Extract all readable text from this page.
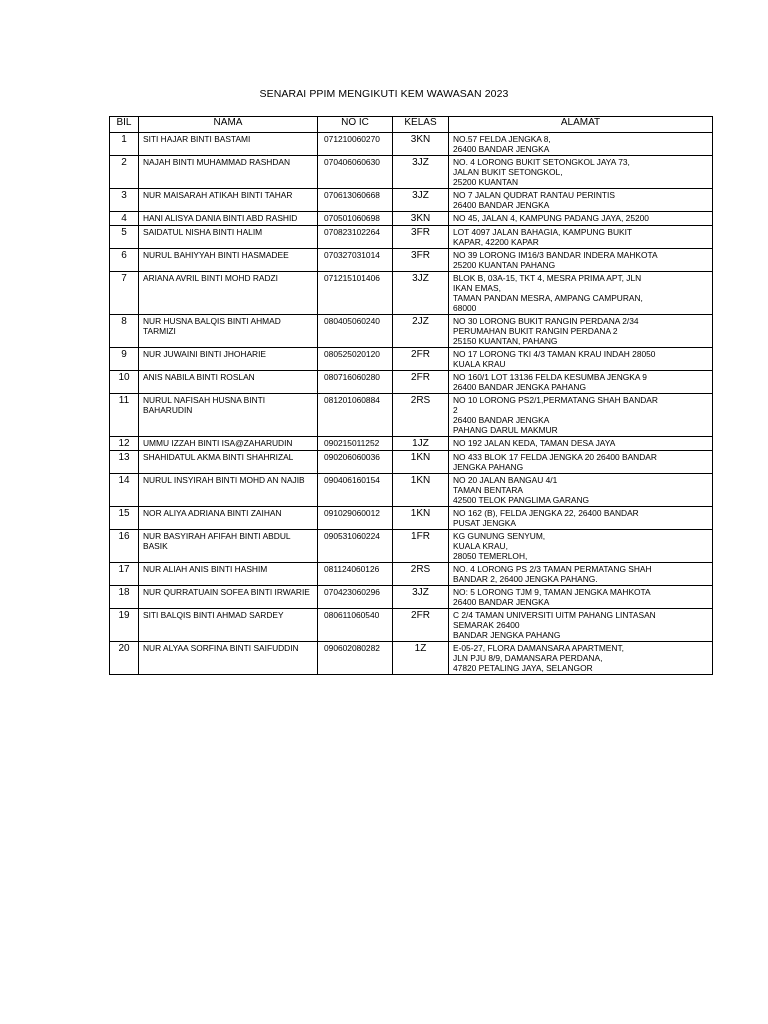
SENARAI PPIM MENGIKUTI KEM WAWASAN 2023
BIL	NAMA	NO IC	KELAS	ALAMAT
1	SITI HAJAR BINTI BASTAMI	071210060270	3KN	NO.57 FELDA JENGKA 8,
26400 BANDAR JENGKA

2	NAJAH BINTI MUHAMMAD RASHDAN	070406060630	3JZ	NO. 4 LORONG BUKIT SETONGKOL JAYA 73,
JALAN BUKIT SETONGKOL,
25200 KUANTAN

3	NUR MAISARAH ATIKAH BINTI TAHAR	070613060668	3JZ	NO 7 JALAN QUDRAT RANTAU PERINTIS
26400 BANDAR JENGKA

4	HANI ALISYA DANIA BINTI ABD RASHID	070501060698	3KN	NO 45, JALAN 4, KAMPUNG PADANG JAYA, 25200

5	SAIDATUL NISHA BINTI HALIM	070823102264	3FR	LOT 4097 JALAN BAHAGIA, KAMPUNG BUKIT
KAPAR, 42200 KAPAR

6	NURUL BAHIYYAH BINTI HASMADEE	070327031014	3FR	NO 39 LORONG IM16/3 BANDAR INDERA MAHKOTA
25200 KUANTAN PAHANG

7	ARIANA AVRIL BINTI MOHD RADZI	071215101406	3JZ	BLOK B, 03A-15, TKT 4, MESRA PRIMA APT, JLN
IKAN EMAS,
TAMAN PANDAN MESRA, AMPANG CAMPURAN,
68000

8	NUR HUSNA BALQIS BINTI AHMAD TARMIZI	080405060240	2JZ	NO 30 LORONG BUKIT RANGIN PERDANA 2/34
PERUMAHAN BUKIT RANGIN PERDANA 2
25150 KUANTAN, PAHANG

9	NUR JUWAINI BINTI JHOHARIE	080525020120	2FR	NO 17 LORONG TKI 4/3 TAMAN KRAU INDAH 28050
KUALA KRAU

10	ANIS NABILA BINTI ROSLAN	080716060280	2FR	NO 160/1 LOT 13136 FELDA KESUMBA JENGKA 9
26400 BANDAR JENGKA PAHANG

11	NURUL NAFISAH HUSNA BINTI BAHARUDIN	081201060884	2RS	NO 10 LORONG PS2/1,PERMATANG SHAH BANDAR
2
26400 BANDAR JENGKA
PAHANG DARUL MAKMUR

12	UMMU IZZAH BINTI ISA@ZAHARUDIN	090215011252	1JZ	NO 192 JALAN KEDA, TAMAN DESA JAYA

13	SHAHIDATUL AKMA BINTI SHAHRIZAL	090206060036	1KN	NO 433 BLOK 17 FELDA JENGKA 20 26400 BANDAR
JENGKA PAHANG

14	NURUL INSYIRAH BINTI MOHD AN NAJIB	090406160154	1KN	NO 20 JALAN BANGAU 4/1
TAMAN BENTARA
42500 TELOK PANGLIMA GARANG

15	NOR ALIYA ADRIANA BINTI ZAIHAN	091029060012	1KN	NO 162 (B), FELDA JENGKA 22, 26400 BANDAR
PUSAT JENGKA

16	NUR BASYIRAH AFIFAH BINTI ABDUL BASIK	090531060224	1FR	KG GUNUNG SENYUM,
KUALA KRAU,
28050 TEMERLOH,

17	NUR ALIAH ANIS BINTI HASHIM	081124060126	2RS	NO. 4 LORONG PS 2/3 TAMAN PERMATANG SHAH
BANDAR 2, 26400 JENGKA PAHANG.

18	NUR QURRATUAIN SOFEA BINTI IRWARIE	070423060296	3JZ	NO: 5 LORONG TJM 9, TAMAN JENGKA MAHKOTA
26400 BANDAR JENGKA

19	SITI BALQIS BINTI AHMAD SARDEY	080611060540	2FR	C 2/4 TAMAN UNIVERSITI UITM PAHANG LINTASAN
SEMARAK 26400
BANDAR JENGKA PAHANG

20	NUR ALYAA SORFINA BINTI SAIFUDDIN	090602080282	1Z	E-05-27, FLORA DAMANSARA APARTMENT,
JLN PJU 8/9, DAMANSARA PERDANA,
47820 PETALING JAYA, SELANGOR
